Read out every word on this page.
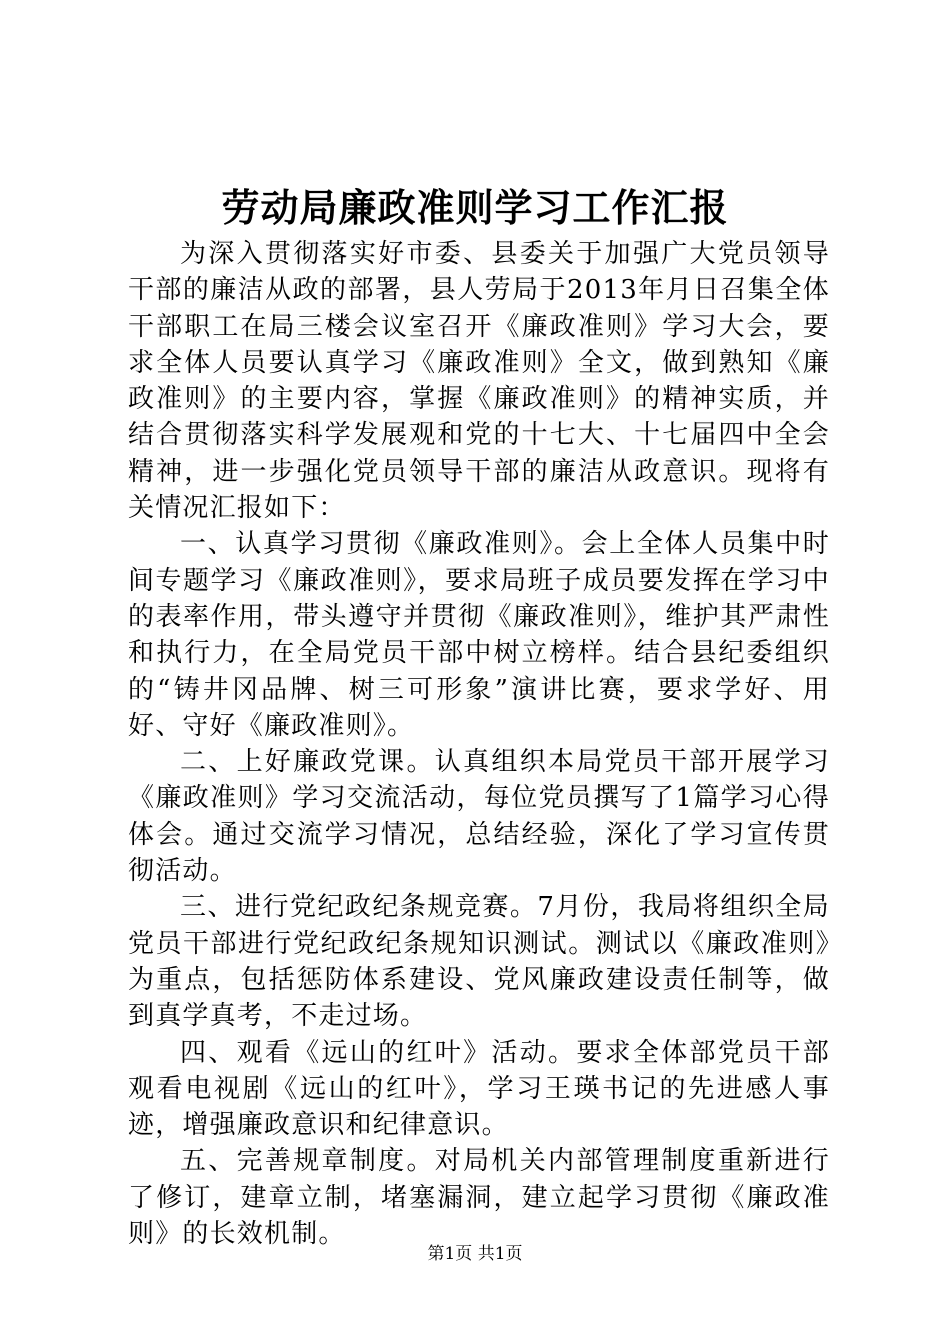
劳动局廉政准则学习工作汇报

为深入贯彻落实好市委、县委关于加强广大党员领导干部的廉洁从政的部署，县人劳局于2013年月日召集全体干部职工在局三楼会议室召开《廉政准则》学习大会，要求全体人员要认真学习《廉政准则》全文，做到熟知《廉政准则》的主要内容，掌握《廉政准则》的精神实质，并结合贯彻落实科学发展观和党的十七大、十七届四中全会精神，进一步强化党员领导干部的廉洁从政意识。现将有关情况汇报如下：

一、认真学习贯彻《廉政准则》。会上全体人员集中时间专题学习《廉政准则》，要求局班子成员要发挥在学习中的表率作用，带头遵守并贯彻《廉政准则》，维护其严肃性和执行力，在全局党员干部中树立榜样。结合县纪委组织的“铸井冈品牌、树三可形象”演讲比赛，要求学好、用好、守好《廉政准则》。

二、上好廉政党课。认真组织本局党员干部开展学习《廉政准则》学习交流活动，每位党员撰写了1篇学习心得体会。通过交流学习情况，总结经验，深化了学习宣传贯彻活动。

三、进行党纪政纪条规竞赛。7月份，我局将组织全局党员干部进行党纪政纪条规知识测试。测试以《廉政准则》为重点，包括惩防体系建设、党风廉政建设责任制等，做到真学真考，不走过场。

四、观看《远山的红叶》活动。要求全体部党员干部观看电视剧《远山的红叶》，学习王瑛书记的先进感人事迹，增强廉政意识和纪律意识。

五、完善规章制度。对局机关内部管理制度重新进行了修订，建章立制，堵塞漏洞，建立起学习贯彻《廉政准则》的长效机制。

第1页 共1页
